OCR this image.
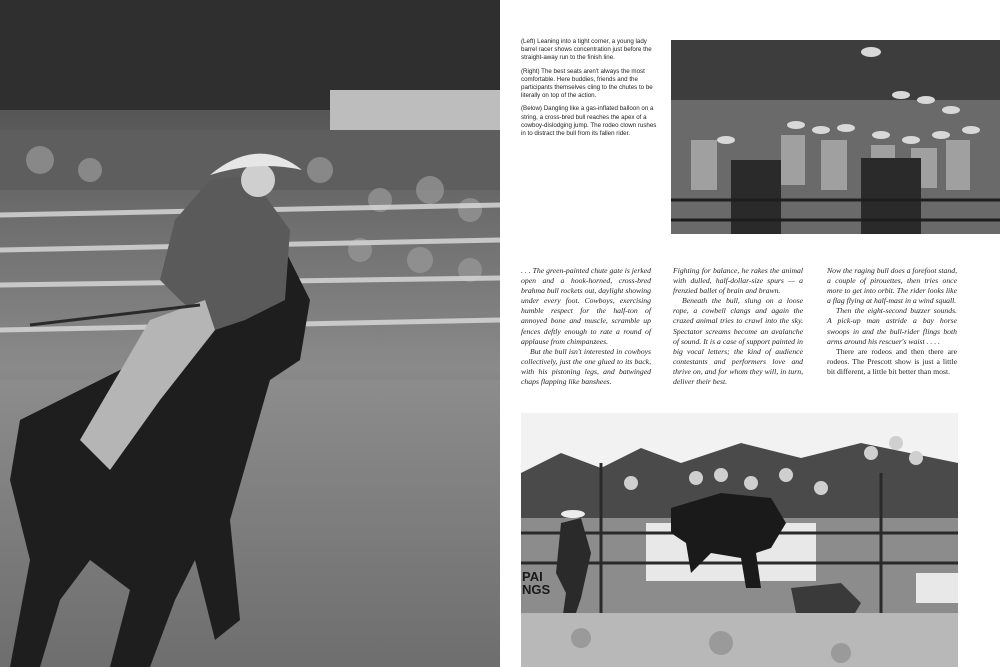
(Left) Leaning into a tight corner, a young lady barrel racer shows concentration just before the straight-away run to the finish line.

(Right) The best seats aren't always the most comfortable. Here buddies, friends and the participants themselves cling to the chutes to be literally on top of the action.

(Below) Dangling like a gas-inflated balloon on a string, a cross-bred bull reaches the apex of a cowboy-dislodging jump. The rodeo clown rushes in to distract the bull from its fallen rider.

. . . The green-painted chute gate is jerked open and a hook-horned, cross-bred brahma bull rockets out, daylight showing under every foot. Cowboys, exercising humble respect for the half-ton of annoyed bone and muscle, scramble up fences deftly enough to rate a round of applause from chimpanzees.

But the bull isn't interested in cowboys collectively, just the one glued to its back, with his pistoning legs, and batwinged chaps flapping like banshees.

Fighting for balance, he rakes the animal with dulled, half-dollar-size spurs — a frenzied ballet of brain and brawn.

Beneath the bull, slung on a loose rope, a cowbell clangs and again the crazed animal tries to crawl into the sky. Spectator screams become an avalanche of sound. It is a case of support painted in big vocal letters; the kind of audience contestants and performers love and thrive on, and for whom they will, in turn, deliver their best.

Now the raging bull does a forefoot stand, a couple of pirouettes, then tries once more to get into orbit. The rider looks like a flag flying at half-mast in a wind squall.

Then the eight-second buzzer sounds. A pick-up man astride a bay horse swoops in and the bull-rider flings both arms around his rescuer's waist . . . .

There are rodeos and then there are rodeos. The Prescott show is just a little bit different, a little bit better than most.

PAI NGS
